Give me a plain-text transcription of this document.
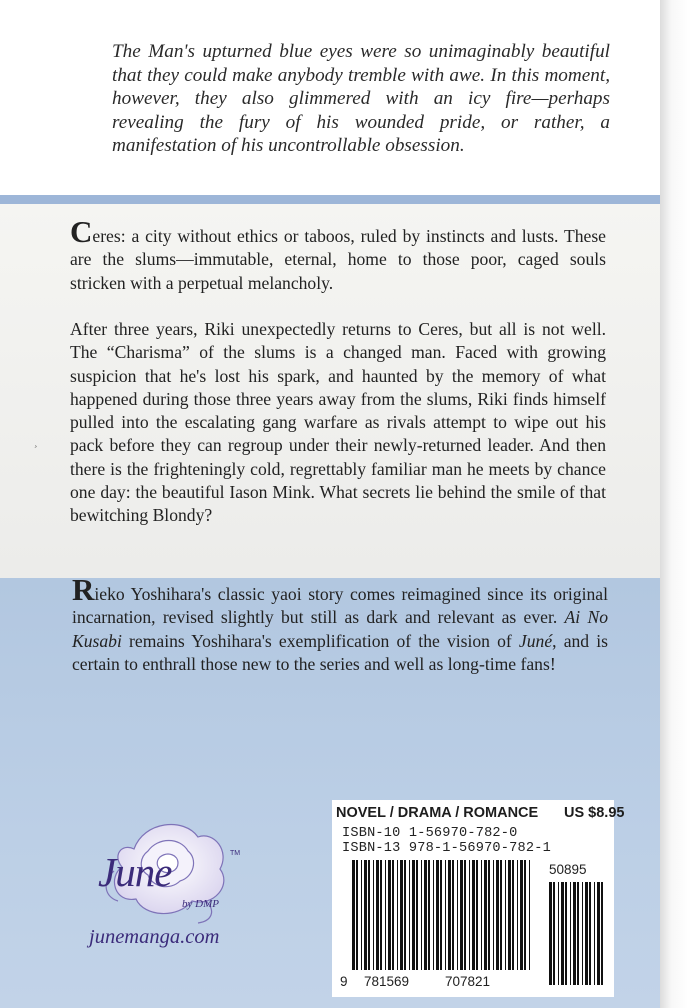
The Man's upturned blue eyes were so unimaginably beautiful that they could make anybody tremble with awe. In this moment, however, they also glimmered with an icy fire—perhaps revealing the fury of his wounded pride, or rather, a manifestation of his uncontrollable obsession.

Ceres: a city without ethics or taboos, ruled by instincts and lusts. These are the slums—immutable, eternal, home to those poor, caged souls stricken with a perpetual melancholy.

After three years, Riki unexpectedly returns to Ceres, but all is not well. The “Charisma” of the slums is a changed man. Faced with growing suspicion that he's lost his spark, and haunted by the memory of what happened during those three years away from the slums, Riki finds himself pulled into the escalating gang warfare as rivals attempt to wipe out his pack before they can regroup under their newly-returned leader. And then there is the frighteningly cold, regrettably familiar man he meets by chance one day: the beautiful Iason Mink. What secrets lie behind the smile of that bewitching Blondy?

¸

Rieko Yoshihara's classic yaoi story comes reimagined since its original incarnation, revised slightly but still as dark and relevant as ever. Ai No Kusabi remains Yoshihara's exemplification of the vision of Juné, and is certain to enthrall those new to the series and well as long-time fans!

June	TM
by DMP
junemanga.com
NOVEL / DRAMA / ROMANCE US $8.95
ISBN-10 1-56970-782-0
ISBN-13 978-1-56970-782-1
50895
9 781569	707821
